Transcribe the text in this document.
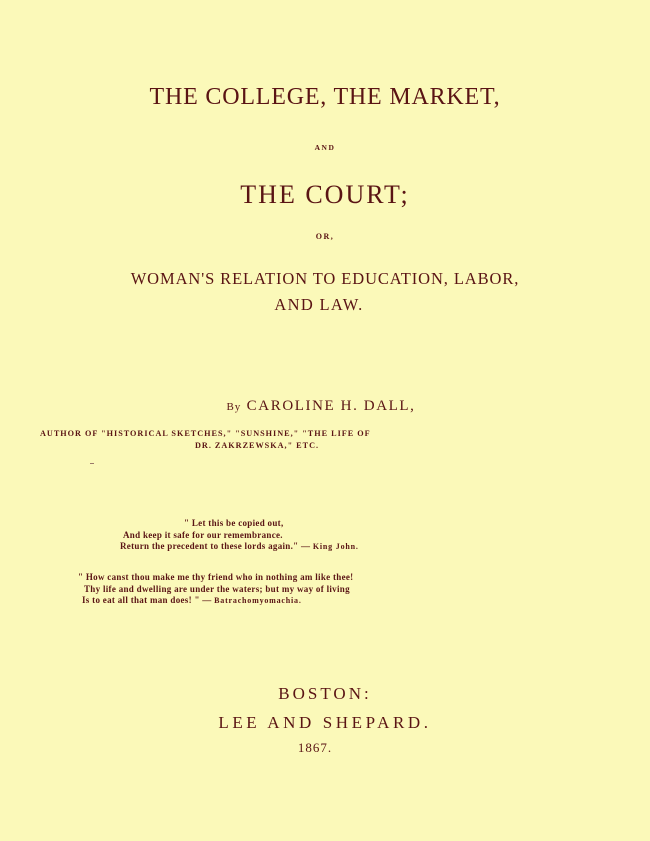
THE COLLEGE, THE MARKET,

AND

THE COURT;

OR,

WOMAN'S RELATION TO EDUCATION, LABOR,

AND LAW.

By CAROLINE H. DALL,

AUTHOR OF "HISTORICAL SKETCHES," "SUNSHINE," "THE LIFE OF
DR. ZAKRZEWSKA," ETC.
" Let this be copied out,
And keep it safe for our remembrance.
Return the precedent to these lords again." — King John.
" How canst thou make me thy friend who in nothing am like thee!
Thy life and dwelling are under the waters; but my way of living
Is to eat all that man does! " — Batrachomyomachia.

BOSTON:

LEE AND SHEPARD.

1867.
